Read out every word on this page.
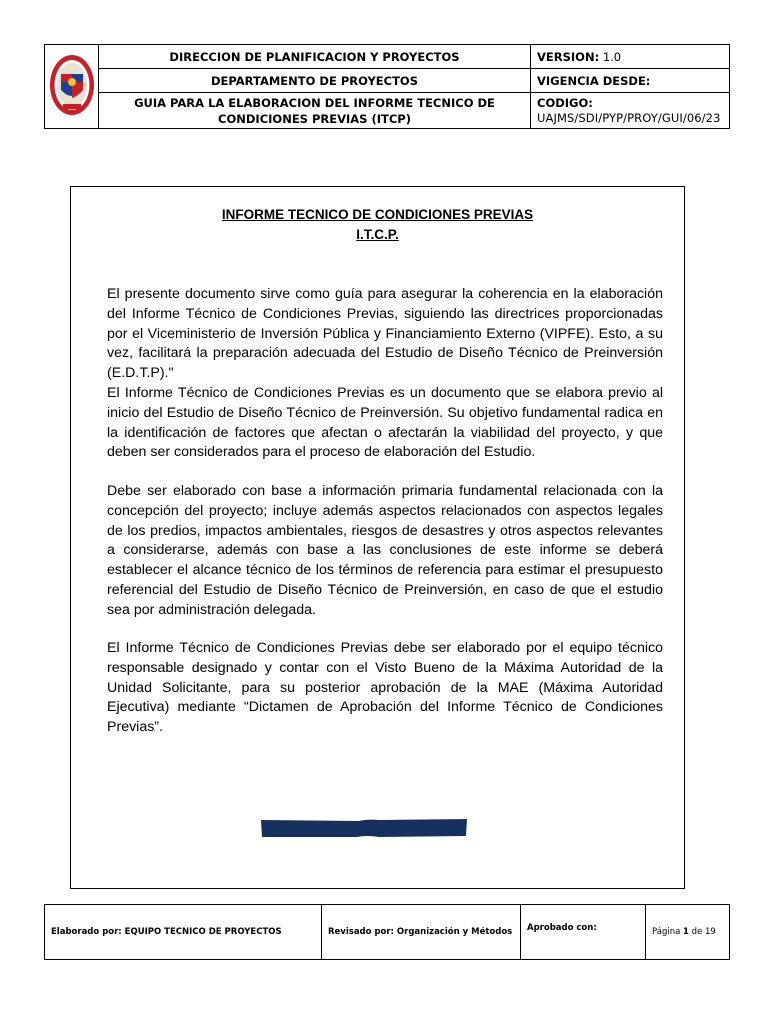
	DIRECCION DE PLANIFICACION Y PROYECTOS	VERSION: 1.0
	DEPARTAMENTO DE PROYECTOS	VIGENCIA DESDE:
	GUIA PARA LA ELABORACION DEL INFORME TECNICO DE
CONDICIONES PREVIAS (ITCP)	CODIGO:
UAJMS/SDI/PYP/PROY/GUI/06/23
INFORME TECNICO DE CONDICIONES PREVIAS
I.T.C.P.

El presente documento sirve como guía para asegurar la coherencia en la elaboración del Informe Técnico de Condiciones Previas, siguiendo las directrices proporcionadas por el Viceministerio de Inversión Pública y Financiamiento Externo (VIPFE). Esto, a su vez, facilitará la preparación adecuada del Estudio de Diseño Técnico de Preinversión (E.D.T.P)."

El Informe Técnico de Condiciones Previas es un documento que se elabora previo al inicio del Estudio de Diseño Técnico de Preinversión. Su objetivo fundamental radica en la identificación de factores que afectan o afectarán la viabilidad del proyecto, y que deben ser considerados para el proceso de elaboración del Estudio.

Debe ser elaborado con base a información primaria fundamental relacionada con la concepción del proyecto; incluye además aspectos relacionados con aspectos legales de los predios, impactos ambientales, riesgos de desastres y otros aspectos relevantes a considerarse, además con base a las conclusiones de este informe se deberá establecer el alcance técnico de los términos de referencia para estimar el presupuesto referencial del Estudio de Diseño Técnico de Preinversión, en caso de que el estudio sea por administración delegada.

El Informe Técnico de Condiciones Previas debe ser elaborado por el equipo técnico responsable designado y contar con el Visto Bueno de la Máxima Autoridad de la Unidad Solicitante, para su posterior aprobación de la MAE (Máxima Autoridad Ejecutiva) mediante “Dictamen de Aprobación del Informe Técnico de Condiciones Previas”.

Elaborado por: EQUIPO TECNICO DE PROYECTOS	Revisado por: Organización y Métodos	Aprobado con:	Página 1 de 19
